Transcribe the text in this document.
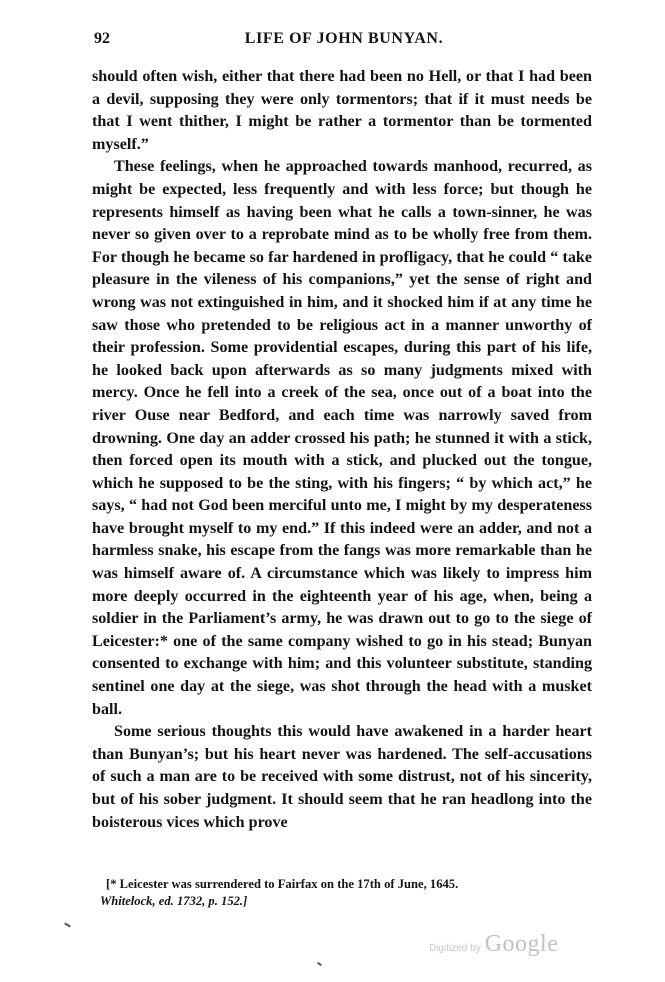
92	LIFE OF JOHN BUNYAN.

should often wish, either that there had been no Hell, or that I had been a devil, supposing they were only tormentors; that if it must needs be that I went thither, I might be rather a tormentor than be tormented myself.”

These feelings, when he approached towards manhood, recurred, as might be expected, less frequently and with less force; but though he represents himself as having been what he calls a town-sinner, he was never so given over to a reprobate mind as to be wholly free from them. For though he became so far hardened in profligacy, that he could “ take pleasure in the vileness of his companions,” yet the sense of right and wrong was not extinguished in him, and it shocked him if at any time he saw those who pretended to be religious act in a manner unworthy of their profession. Some providential escapes, during this part of his life, he looked back upon afterwards as so many judgments mixed with mercy. Once he fell into a creek of the sea, once out of a boat into the river Ouse near Bedford, and each time was narrowly saved from drowning. One day an adder crossed his path; he stunned it with a stick, then forced open its mouth with a stick, and plucked out the tongue, which he supposed to be the sting, with his fingers; “ by which act,” he says, “ had not God been merciful unto me, I might by my desperateness have brought myself to my end.” If this indeed were an adder, and not a harmless snake, his escape from the fangs was more remarkable than he was himself aware of. A circumstance which was likely to impress him more deeply occurred in the eighteenth year of his age, when, being a soldier in the Parliament’s army, he was drawn out to go to the siege of Leicester:* one of the same company wished to go in his stead; Bunyan consented to exchange with him; and this volunteer substitute, standing sentinel one day at the siege, was shot through the head with a musket ball.

Some serious thoughts this would have awakened in a harder heart than Bunyan’s; but his heart never was hardened. The self-accusations of such a man are to be received with some distrust, not of his sincerity, but of his sober judgment. It should seem that he ran headlong into the boisterous vices which prove

[* Leicester was surrendered to Fairfax on the 17th of June, 1645.
Whitelock, ed. 1732, p. 152.]
Digitized by Google
